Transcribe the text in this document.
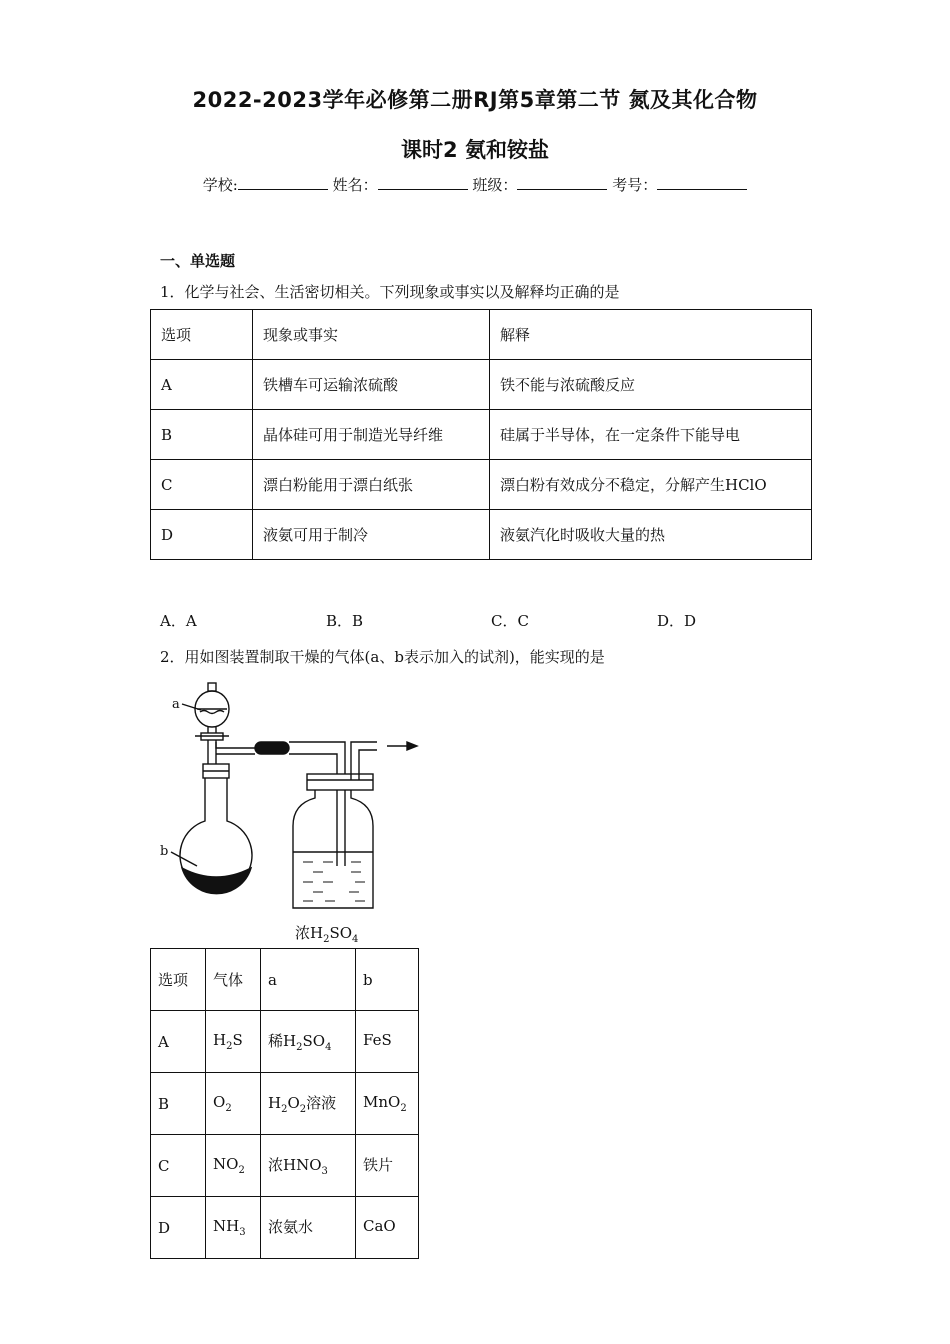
2022-2023学年必修第二册RJ第5章第二节 氮及其化合物
课时2 氨和铵盐
学校:	姓名：	班级：	考号：
一、单选题
1．化学与社会、生活密切相关。下列现象或事实以及解释均正确的是
选项	现象或事实	解释
A	铁槽车可运输浓硫酸	铁不能与浓硫酸反应
B	晶体硅可用于制造光导纤维	硅属于半导体，在一定条件下能导电
C	漂白粉能用于漂白纸张	漂白粉有效成分不稳定，分解产生HClO
D	液氨可用于制冷	液氨汽化时吸收大量的热
A．A	B．B	C．C	D．D
2．用如图装置制取干燥的气体(a、b表示加入的试剂)，能实现的是
a
b
浓$H_2SO_4$
选项	气体	a	b
A	$H_2S$	稀$H_2SO_4$	FeS
B	$O_2$	$H_2O_2$溶液	MnO$_2$
C	$NO_2$	浓$HNO_3$	铁片
D	$NH_3$	浓氨水	CaO
